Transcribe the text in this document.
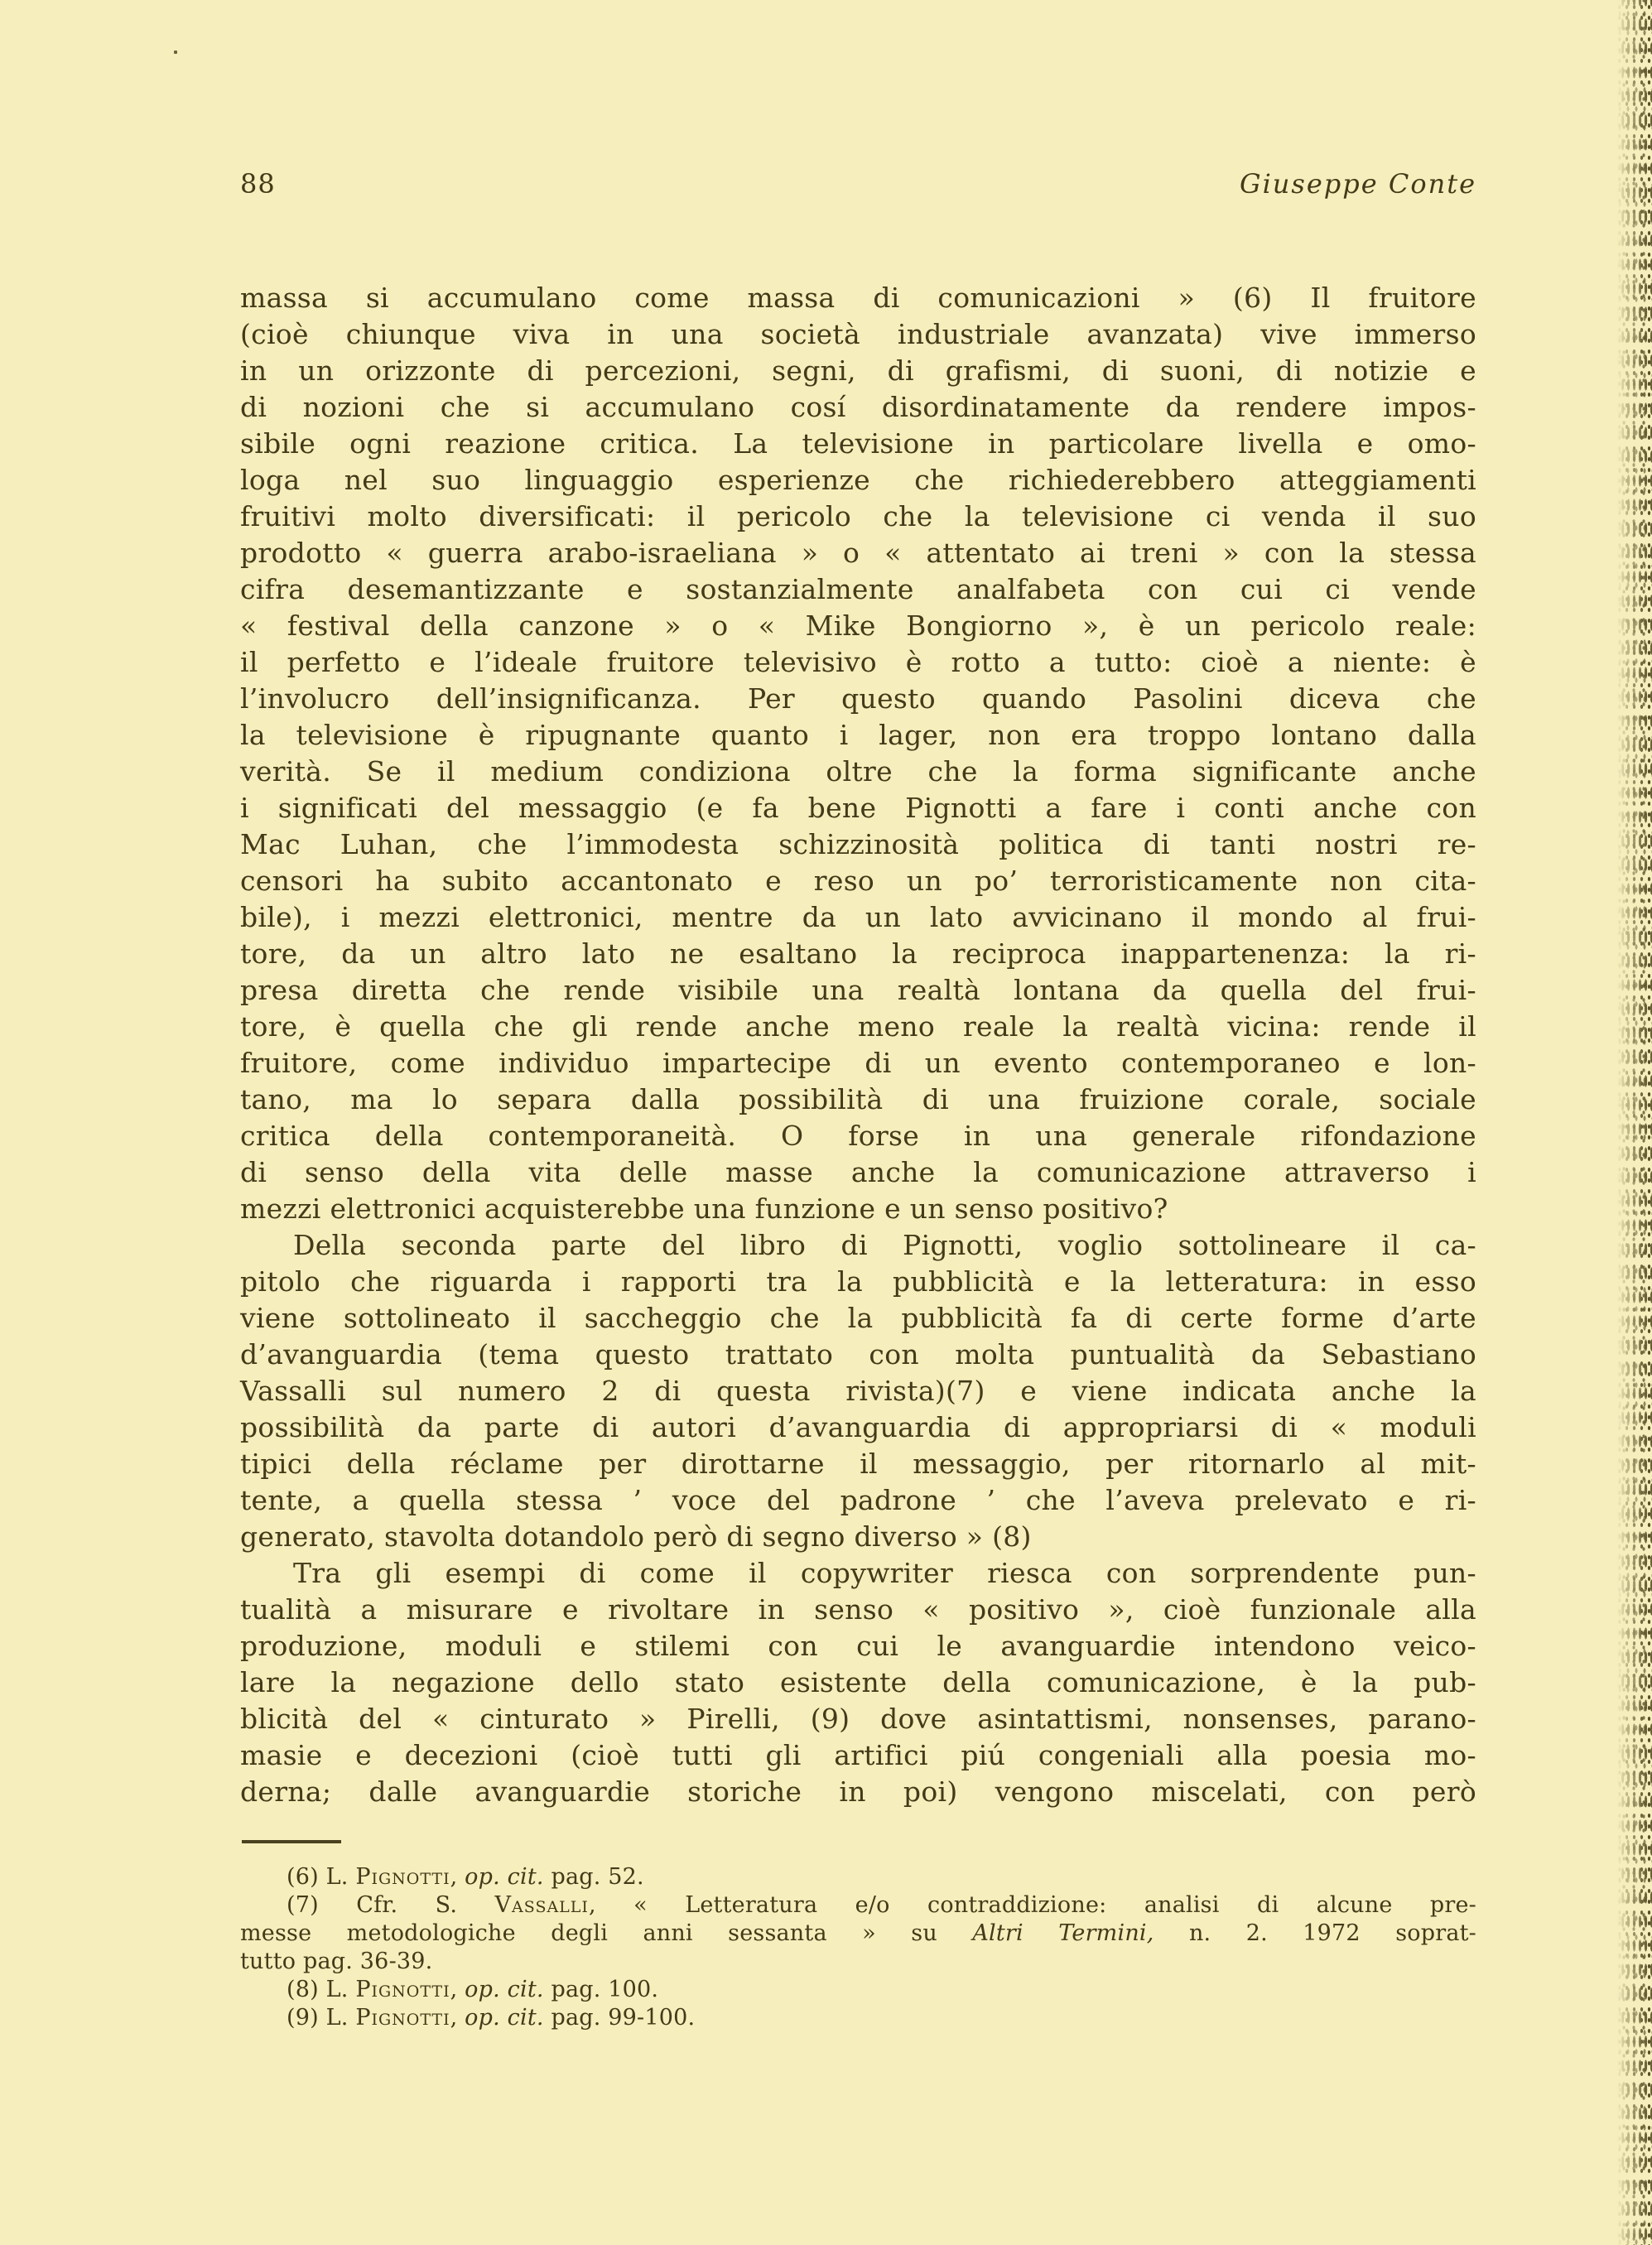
88	Giuseppe Conte
massa si accumulano come massa di comunicazioni » (6) Il fruitore
(cioè chiunque viva in una società industriale avanzata) vive immerso
in un orizzonte di percezioni, segni, di grafismi, di suoni, di notizie e
di nozioni che si accumulano cosí disordinatamente da rendere impos-
sibile ogni reazione critica. La televisione in particolare livella e omo-
loga nel suo linguaggio esperienze che richiederebbero atteggiamenti
fruitivi molto diversificati: il pericolo che la televisione ci venda il suo
prodotto « guerra arabo-israeliana » o « attentato ai treni » con la stessa
cifra desemantizzante e sostanzialmente analfabeta con cui ci vende
« festival della canzone » o « Mike Bongiorno », è un pericolo reale:
il perfetto e l’ideale fruitore televisivo è rotto a tutto: cioè a niente: è
l’involucro dell’insignificanza. Per questo quando Pasolini diceva che
la televisione è ripugnante quanto i lager, non era troppo lontano dalla
verità. Se il medium condiziona oltre che la forma significante anche
i significati del messaggio (e fa bene Pignotti a fare i conti anche con
Mac Luhan, che l’immodesta schizzinosità politica di tanti nostri re-
censori ha subito accantonato e reso un po’ terroristicamente non cita-
bile), i mezzi elettronici, mentre da un lato avvicinano il mondo al frui-
tore, da un altro lato ne esaltano la reciproca inappartenenza: la ri-
presa diretta che rende visibile una realtà lontana da quella del frui-
tore, è quella che gli rende anche meno reale la realtà vicina: rende il
fruitore, come individuo impartecipe di un evento contemporaneo e lon-
tano, ma lo separa dalla possibilità di una fruizione corale, sociale
critica della contemporaneità. O forse in una generale rifondazione
di senso della vita delle masse anche la comunicazione attraverso i
mezzi elettronici acquisterebbe una funzione e un senso positivo?
Della seconda parte del libro di Pignotti, voglio sottolineare il ca-
pitolo che riguarda i rapporti tra la pubblicità e la letteratura: in esso
viene sottolineato il saccheggio che la pubblicità fa di certe forme d’arte
d’avanguardia (tema questo trattato con molta puntualità da Sebastiano
Vassalli sul numero 2 di questa rivista)(7) e viene indicata anche la
possibilità da parte di autori d’avanguardia di appropriarsi di « moduli
tipici della réclame per dirottarne il messaggio, per ritornarlo al mit-
tente, a quella stessa ’ voce del padrone ’ che l’aveva prelevato e ri-
generato, stavolta dotandolo però di segno diverso » (8)
Tra gli esempi di come il copywriter riesca con sorprendente pun-
tualità a misurare e rivoltare in senso « positivo », cioè funzionale alla
produzione, moduli e stilemi con cui le avanguardie intendono veico-
lare la negazione dello stato esistente della comunicazione, è la pub-
blicità del « cinturato » Pirelli, (9) dove asintattismi, nonsenses, parano-
masie e decezioni (cioè tutti gli artifici piú congeniali alla poesia mo-
derna; dalle avanguardie storiche in poi) vengono miscelati, con però
(6) L. Pignotti, op. cit. pag. 52.
(7) Cfr. S. Vassalli, « Letteratura e/o contraddizione: analisi di alcune pre-
messe metodologiche degli anni sessanta » su Altri Termini, n. 2. 1972 soprat-
tutto pag. 36-39.
(8) L. Pignotti, op. cit. pag. 100.
(9) L. Pignotti, op. cit. pag. 99-100.
